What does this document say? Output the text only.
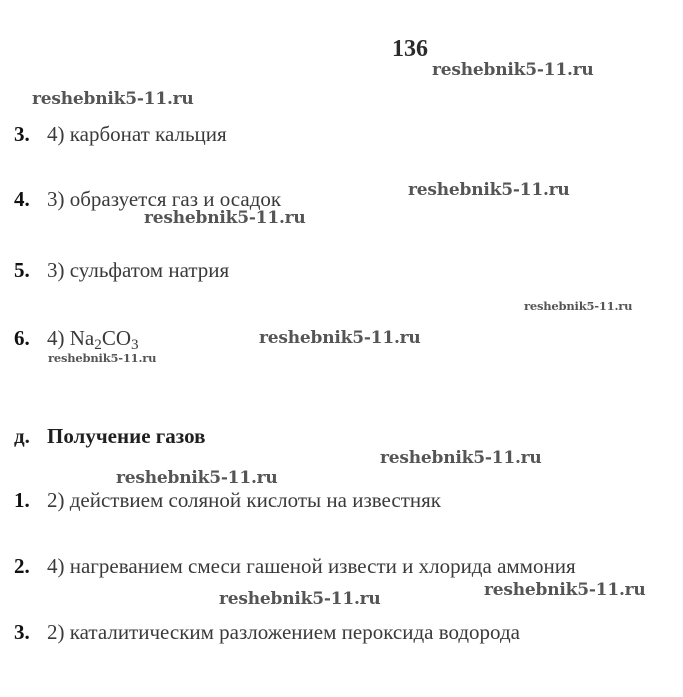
136
3. 4) карбонат кальция
4. 3) образуется газ и осадок
5. 3) сульфатом натрия
6. 4) $Na_2CO_3$
д. Получение газов
1. 2) действием соляной кислоты на известняк
2. 4) нагреванием смеси гашеной извести и хлорида аммония
3. 2) каталитическим разложением пероксида водорода
reshebnik5-11.ru
reshebnik5-11.ru
reshebnik5-11.ru
reshebnik5-11.ru
reshebnik5-11.ru
reshebnik5-11.ru
reshebnik5-11.ru
reshebnik5-11.ru
reshebnik5-11.ru
reshebnik5-11.ru
reshebnik5-11.ru
